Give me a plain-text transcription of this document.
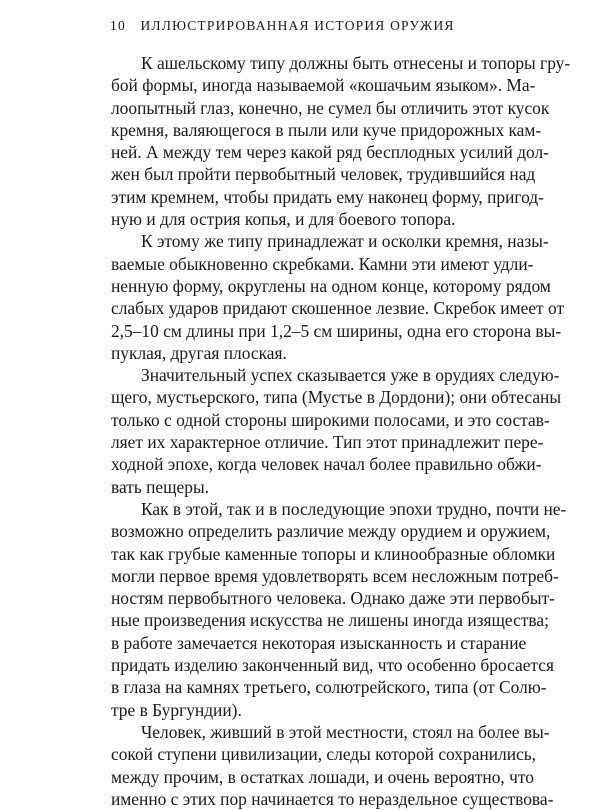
10 ИЛЛЮСТРИРОВАННАЯ ИСТОРИЯ ОРУЖИЯ
К ашельскому типу должны быть отнесены и топоры гру-
бой формы, иногда называемой «кошачьим языком». Ма-
лоопытный глаз, конечно, не сумел бы отличить этот кусок
кремня, валяющегося в пыли или куче придорожных кам-
ней. А между тем через какой ряд бесплодных усилий дол-
жен был пройти первобытный человек, трудившийся над
этим кремнем, чтобы придать ему наконец форму, пригод-
ную и для острия копья, и для боевого топора.
К этому же типу принадлежат и осколки кремня, назы-
ваемые обыкновенно скребками. Камни эти имеют удли-
ненную форму, округлены на одном конце, которому рядом
слабых ударов придают скошенное лезвие. Скребок имеет от
2,5–10 см длины при 1,2–5 см ширины, одна его сторона вы-
пуклая, другая плоская.
Значительный успех сказывается уже в орудиях следую-
щего, мустьерского, типа (Мустье в Дордони); они обтесаны
только с одной стороны широкими полосами, и это состав-
ляет их характерное отличие. Тип этот принадлежит пере-
ходной эпохе, когда человек начал более правильно обжи-
вать пещеры.
Как в этой, так и в последующие эпохи трудно, почти не-
возможно определить различие между орудием и оружием,
так как грубые каменные топоры и клинообразные обломки
могли первое время удовлетворять всем несложным потреб-
ностям первобытного человека. Однако даже эти первобыт-
ные произведения искусства не лишены иногда изящества;
в работе замечается некоторая изысканность и старание
придать изделию законченный вид, что особенно бросается
в глаза на камнях третьего, солютрейского, типа (от Солю-
тре в Бургундии).
Человек, живший в этой местности, стоял на более вы-
сокой ступени цивилизации, следы которой сохранились,
между прочим, в остатках лошади, и очень вероятно, что
именно с этих пор начинается то нераздельное существова-
